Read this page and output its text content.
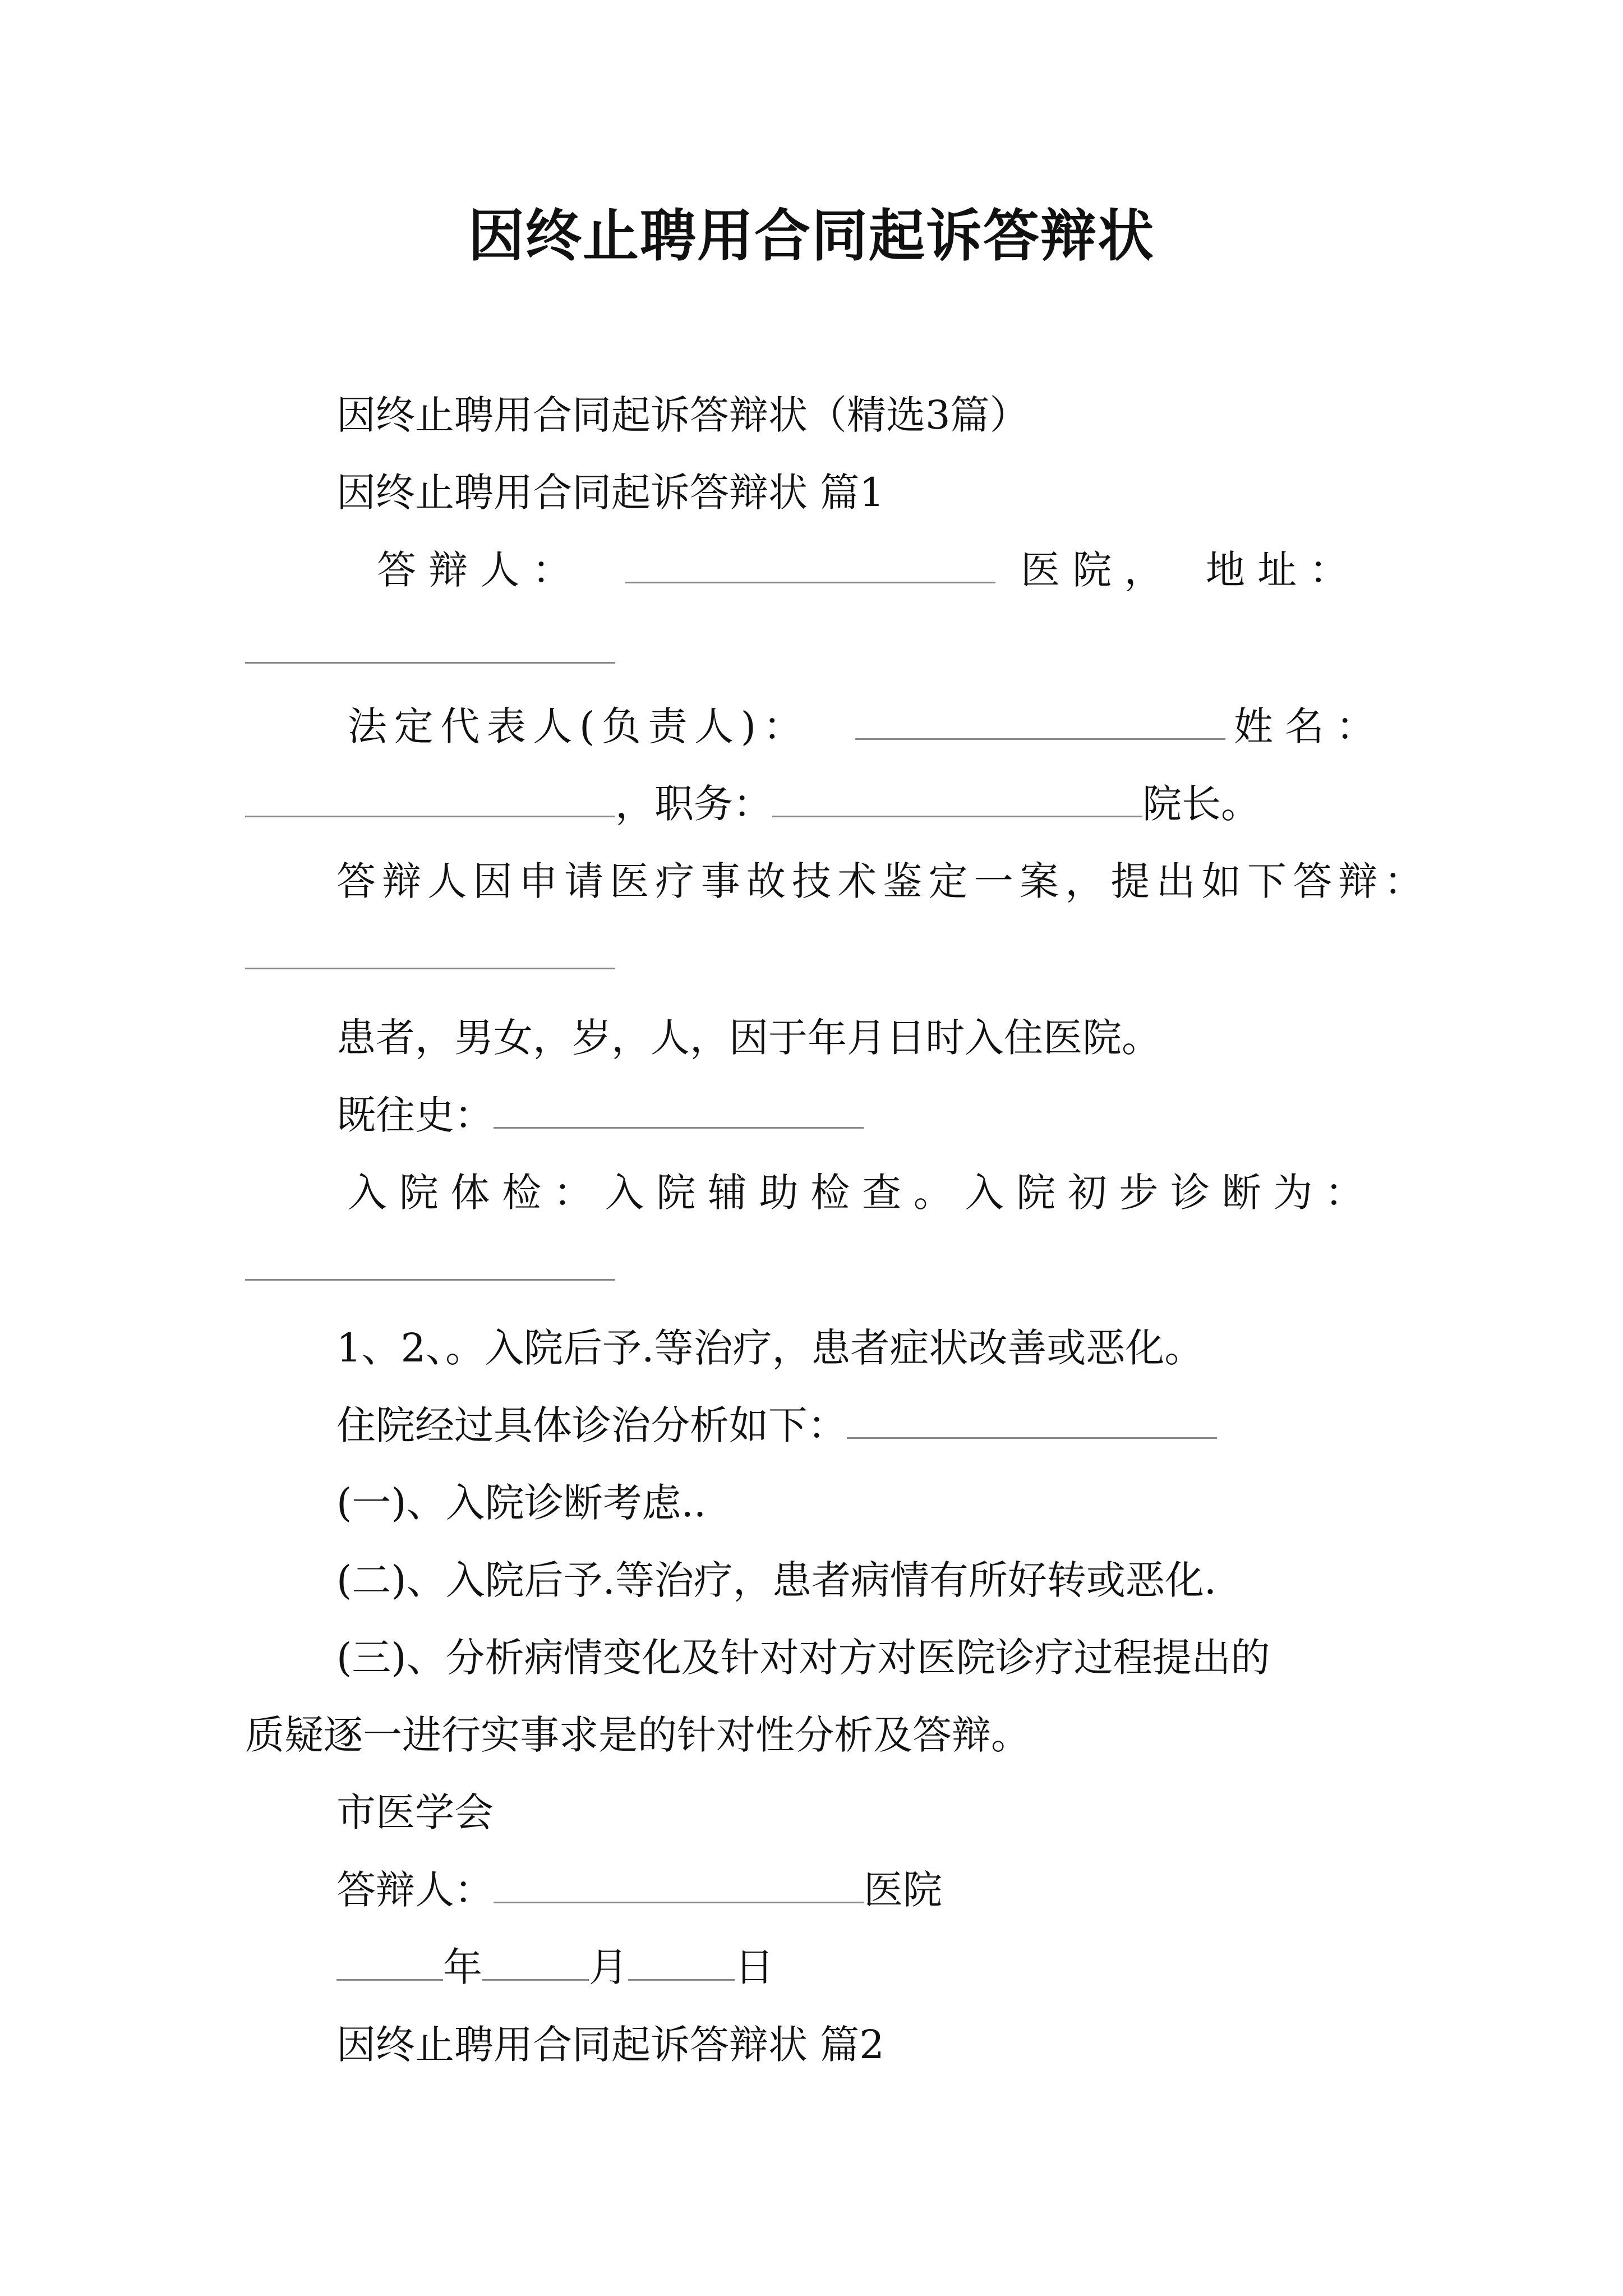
因终止聘用合同起诉答辩状
因终止聘用合同起诉答辩状（精选3篇）
因终止聘用合同起诉答辩状 篇1
答 辩 人 ：	医 院 ， 地 址 ：
法定代表人(负责人)：	姓名：
，职务：	院长。
答辩人因申请医疗事故技术鉴定一案，提出如下答辩：
患者，男女，岁，人，因于年月日时入住医院。
既往史：
入院体检：入院辅助检查。入院初步诊断为：
1、2、。入院后予.等治疗，患者症状改善或恶化。
住院经过具体诊治分析如下：
(一)、入院诊断考虑..
(二)、入院后予.等治疗，患者病情有所好转或恶化.
(三)、分析病情变化及针对对方对医院诊疗过程提出的
质疑逐一进行实事求是的针对性分析及答辩。
市医学会
答辩人：	医院
年	月	日
因终止聘用合同起诉答辩状 篇2
